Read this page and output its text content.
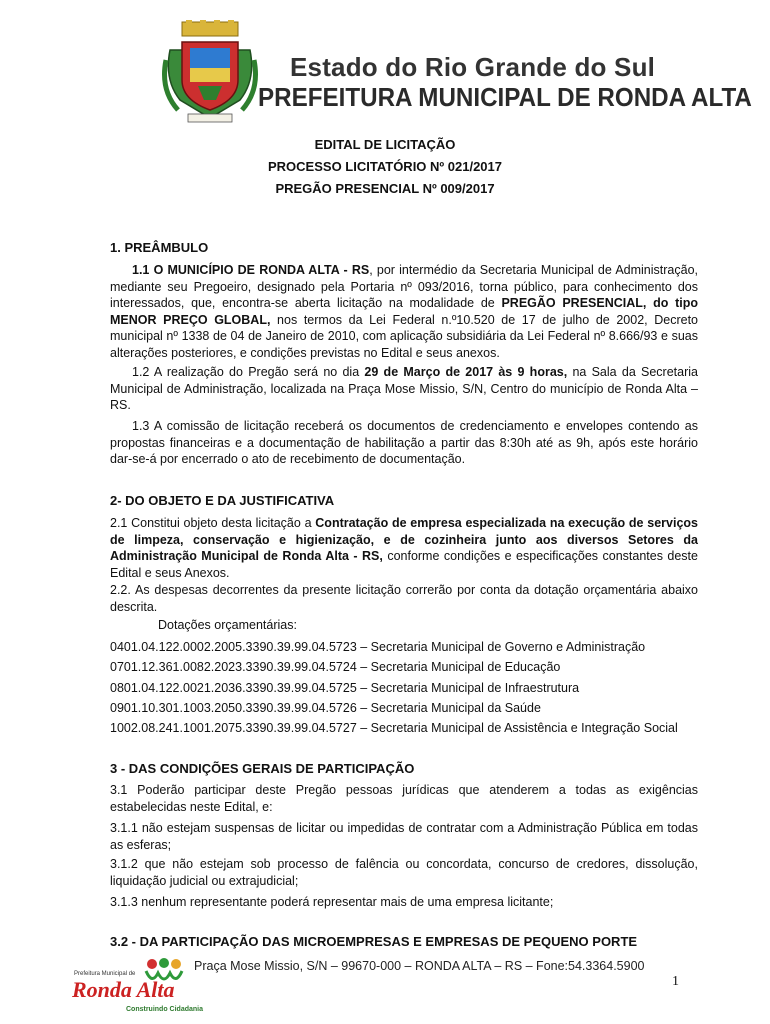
Estado do Rio Grande do Sul
PREFEITURA MUNICIPAL DE RONDA ALTA
EDITAL DE LICITAÇÃO
PROCESSO LICITATÓRIO Nº 021/2017
PREGÃO PRESENCIAL Nº 009/2017
1. PREÂMBULO
1.1 O MUNICÍPIO DE RONDA ALTA - RS, por intermédio da Secretaria Municipal de Administração, mediante seu Pregoeiro, designado pela Portaria nº 093/2016, torna público, para conhecimento dos interessados, que, encontra-se aberta licitação na modalidade de PREGÃO PRESENCIAL, do tipo MENOR PREÇO GLOBAL, nos termos da Lei Federal n.º10.520 de 17 de julho de 2002, Decreto municipal nº 1338 de 04 de Janeiro de 2010, com aplicação subsidiária da Lei Federal nº 8.666/93 e suas alterações posteriores, e condições previstas no Edital e seus anexos.
1.2 A realização do Pregão será no dia 29 de Março de 2017 às 9 horas, na Sala da Secretaria Municipal de Administração, localizada na Praça Mose Missio, S/N, Centro do município de Ronda Alta – RS.
1.3 A comissão de licitação receberá os documentos de credenciamento e envelopes contendo as propostas financeiras e a documentação de habilitação a partir das 8:30h até as 9h, após este horário dar-se-á por encerrado o ato de recebimento de documentação.
2- DO OBJETO E DA JUSTIFICATIVA
2.1 Constitui objeto desta licitação a Contratação de empresa especializada na execução de serviços de limpeza, conservação e higienização, e de cozinheira junto aos diversos Setores da Administração Municipal de Ronda Alta - RS, conforme condições e especificações constantes deste Edital e seus Anexos.
2.2. As despesas decorrentes da presente licitação correrão por conta da dotação orçamentária abaixo descrita.
Dotações orçamentárias:
0401.04.122.0002.2005.3390.39.99.04.5723 – Secretaria Municipal de Governo e Administração
0701.12.361.0082.2023.3390.39.99.04.5724 – Secretaria Municipal de Educação
0801.04.122.0021.2036.3390.39.99.04.5725 – Secretaria Municipal de Infraestrutura
0901.10.301.1003.2050.3390.39.99.04.5726 – Secretaria Municipal da Saúde
1002.08.241.1001.2075.3390.39.99.04.5727 – Secretaria Municipal de Assistência e Integração Social
3 - DAS CONDIÇÕES GERAIS DE PARTICIPAÇÃO
3.1 Poderão participar deste Pregão pessoas jurídicas que atenderem a todas as exigências estabelecidas neste Edital, e:
3.1.1 não estejam suspensas de licitar ou impedidas de contratar com a Administração Pública em todas as esferas;
3.1.2 que não estejam sob processo de falência ou concordata, concurso de credores, dissolução, liquidação judicial ou extrajudicial;
3.1.3 nenhum representante poderá representar mais de uma empresa licitante;
3.2 - DA PARTICIPAÇÃO DAS MICROEMPRESAS E EMPRESAS DE PEQUENO PORTE
Prefeitura Municipal de
Ronda Alta
Construindo Cidadania
Praça Mose Missio, S/N – 99670-000 – RONDA ALTA – RS – Fone:54.3364.5900
1
